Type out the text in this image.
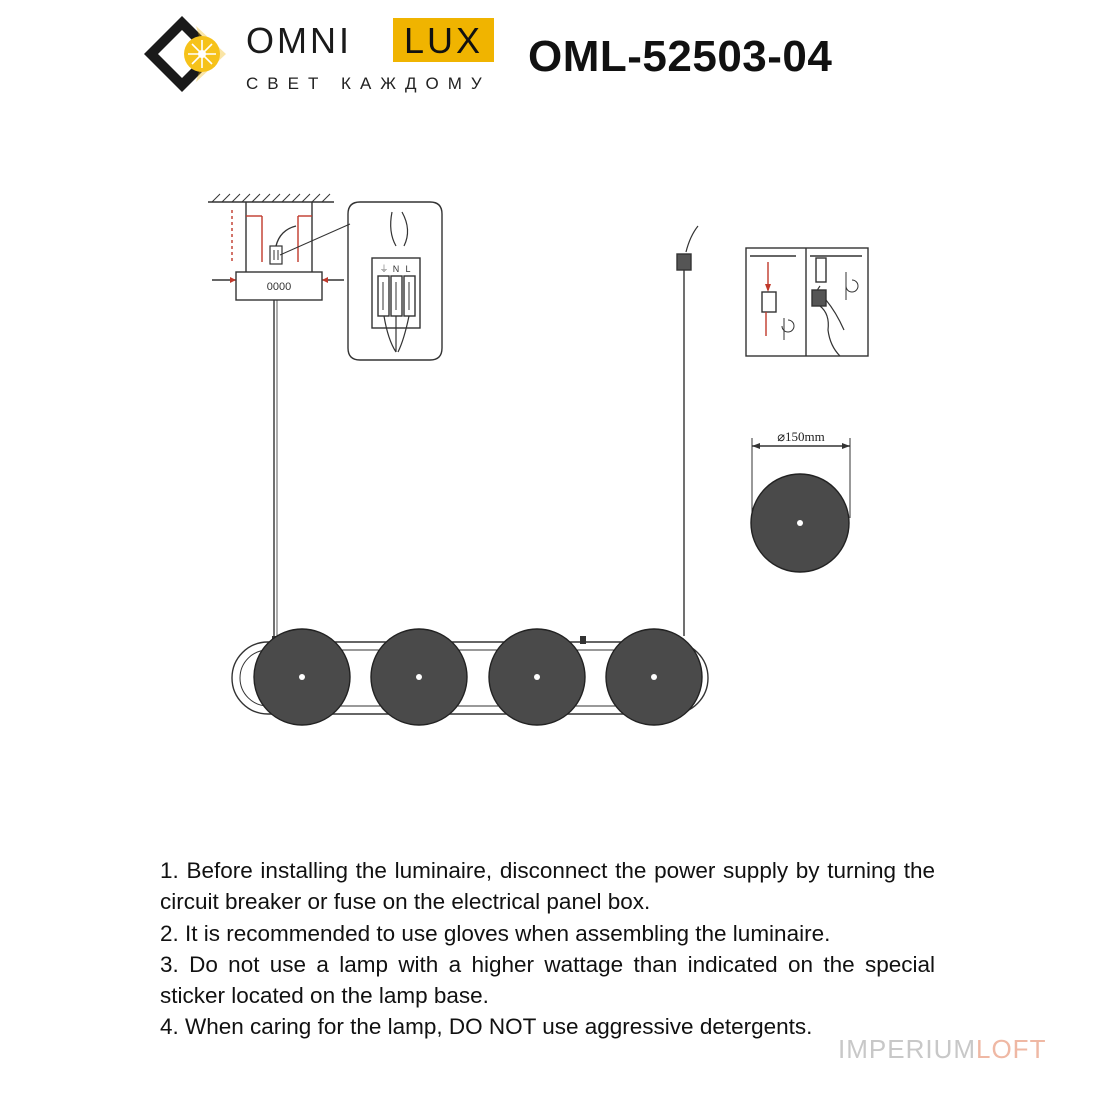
OMNI	LUX
СВЕТ КАЖДОМУ
OML-52503-04
0000
⏚ N L
⌀150mm

1. Before installing the luminaire, disconnect the power supply by turning the circuit breaker or fuse on the electrical panel box.

2. It is recommended to use gloves when assembling the luminaire.

3. Do not use a lamp with a higher wattage than indicated on the special sticker located on the lamp base.

4. When caring for the lamp, DO NOT use aggressive detergents.

IMPERIUMLOFT
